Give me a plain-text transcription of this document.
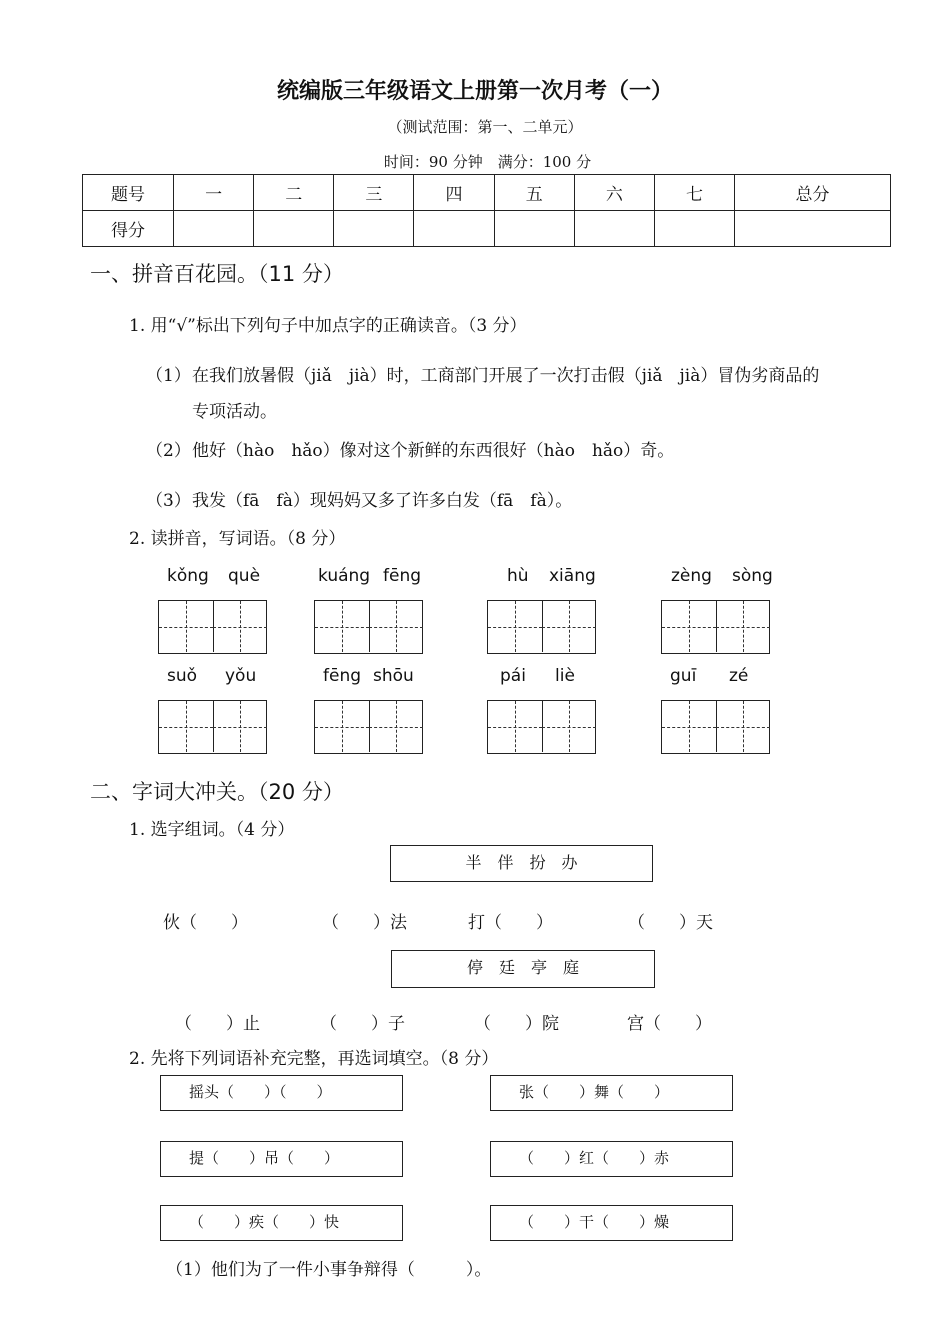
统编版三年级语文上册第一次月考（一）
（测试范围：第一、二单元）
时间：90 分钟　满分：100 分
题号	一	二	三	四	五	六	七	总分
得分								
一、拼音百花园。（11 分）
1. 用“√”标出下列句子中加点字的正确读音。（3 分）
（1） 在我们放暑假（jiǎ　jià）时，工商部门开展了一次打击假（jiǎ　jià）冒伪劣商品的
专项活动。
（2） 他好（hào　hǎo）像对这个新鲜的东西很好（hào　hǎo）奇。
（3） 我发（fā　fà）现妈妈又多了许多白发（fā　fà）。
2. 读拼音，写词语。（8 分）
kǒng què	kuáng fēng	hù xiāng	zèng sòng
suǒ yǒu	fēng shōu	pái liè	guī zé
二、字词大冲关。（20 分）
1. 选字组词。（4 分）
半　伴　扮　办
伙（　　）	（　　）法	打（　　）	（　　）天
停　廷　亭　庭
（　　）止	（　　）子	（　　）院	宫（　　）
2. 先将下列词语补充完整，再选词填空。（8 分）
摇头（　　）（　　）	张（　　）舞（　　）
提（　　）吊（　　）	（　　）红（　　）赤
（　　）疾（　　）快	（　　）干（　　）燥
（1）他们为了一件小事争辩得（　　　）。
